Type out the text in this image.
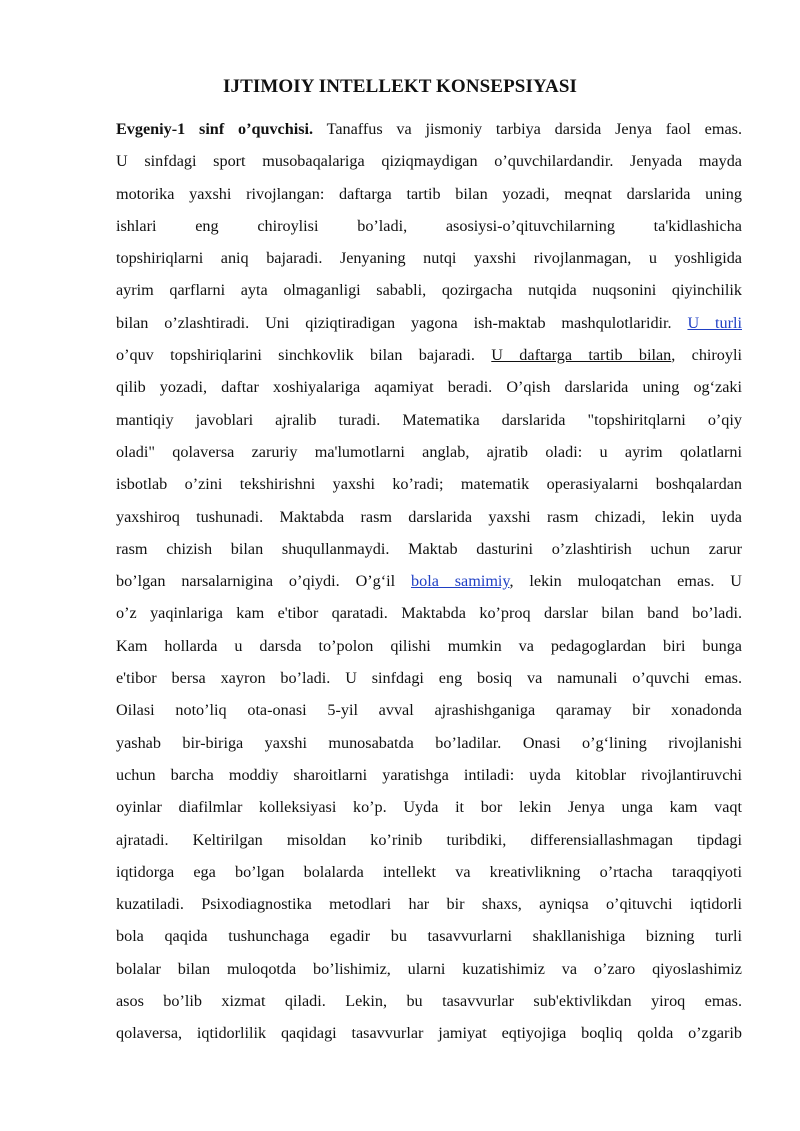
IJTIMOIY INTELLEKT KONSEPSIYASI
Evgeniy-1 sinf o’quvchisi. Tanaffus va jismoniy tarbiya darsida Jenya faol emas.
U sinfdagi sport musobaqalariga qiziqmaydigan o’quvchilardandir. Jenyada mayda
motorika yaxshi rivojlangan: daftarga tartib bilan yozadi, meqnat darslarida uning
ishlari eng chiroylisi bo’ladi, asosiysi-o’qituvchilarning ta'kidlashicha
topshiriqlarni aniq bajaradi. Jenyaning nutqi yaxshi rivojlanmagan, u yoshligida
ayrim qarflarni ayta olmaganligi sababli, qozirgacha nutqida nuqsonini qiyinchilik
bilan o’zlashtiradi. Uni qiziqtiradigan yagona ish-maktab mashqulotlaridir. U turli
o’quv topshiriqlarini sinchkovlik bilan bajaradi. U daftarga tartib bilan, chiroyli
qilib yozadi, daftar xoshiyalariga aqamiyat beradi. O’qish darslarida uning og‘zaki
mantiqiy javoblari ajralib turadi. Matematika darslarida "topshiritqlarni o’qiy
oladi" qolaversa zaruriy ma'lumotlarni anglab, ajratib oladi: u ayrim qolatlarni
isbotlab o’zini tekshirishni yaxshi ko’radi; matematik operasiyalarni boshqalardan
yaxshiroq tushunadi. Maktabda rasm darslarida yaxshi rasm chizadi, lekin uyda
rasm chizish bilan shuqullanmaydi. Maktab dasturini o’zlashtirish uchun zarur
bo’lgan narsalarnigina o’qiydi. O’g‘il bola samimiy, lekin muloqatchan emas. U
o’z yaqinlariga kam e'tibor qaratadi. Maktabda ko’proq darslar bilan band bo’ladi.
Kam hollarda u darsda to’polon qilishi mumkin va pedagoglardan biri bunga
e'tibor bersa xayron bo’ladi. U sinfdagi eng bosiq va namunali o’quvchi emas.
Oilasi noto’liq ota-onasi 5-yil avval ajrashishganiga qaramay bir xonadonda
yashab bir-biriga yaxshi munosabatda bo’ladilar. Onasi o’g‘lining rivojlanishi
uchun barcha moddiy sharoitlarni yaratishga intiladi: uyda kitoblar rivojlantiruvchi
oyinlar diafilmlar kolleksiyasi ko’p. Uyda it bor lekin Jenya unga kam vaqt
ajratadi. Keltirilgan misoldan ko’rinib turibdiki, differensiallashmagan tipdagi
iqtidorga ega bo’lgan bolalarda intellekt va kreativlikning o’rtacha taraqqiyoti
kuzatiladi. Psixodiagnostika metodlari har bir shaxs, ayniqsa o’qituvchi iqtidorli
bola qaqida tushunchaga egadir bu tasavvurlarni shakllanishiga bizning turli
bolalar bilan muloqotda bo’lishimiz, ularni kuzatishimiz va o’zaro qiyoslashimiz
asos bo’lib xizmat qiladi. Lekin, bu tasavvurlar sub'ektivlikdan yiroq emas.
qolaversa, iqtidorlilik qaqidagi tasavvurlar jamiyat eqtiyojiga boqliq qolda o’zgarib
